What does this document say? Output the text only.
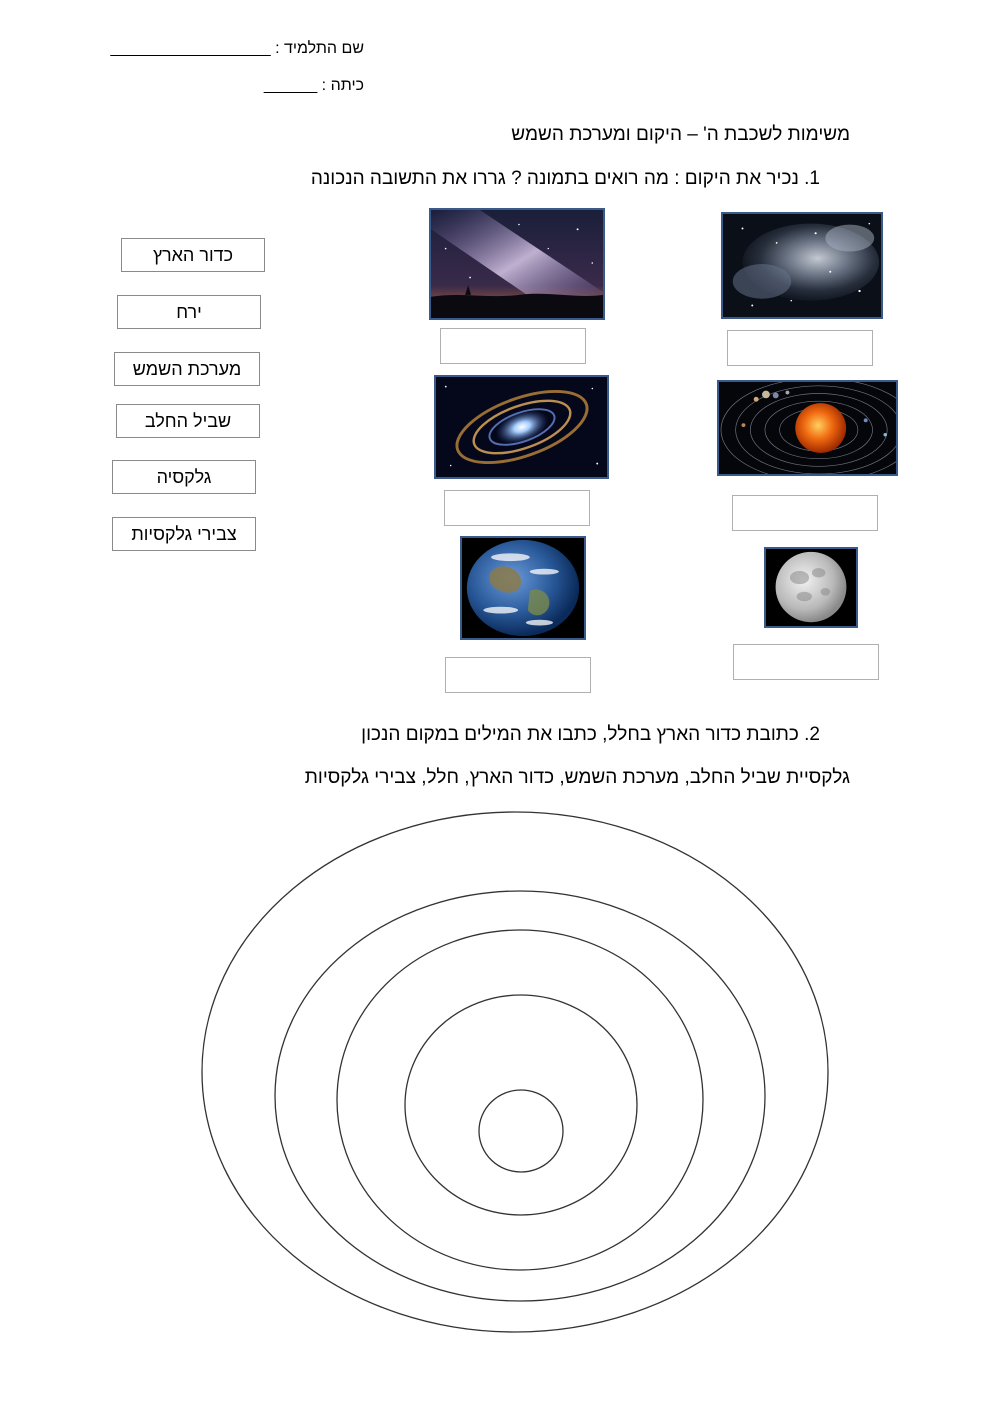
שם התלמיד : __________________
כיתה : ______
משימות לשכבת ה' – היקום ומערכת השמש
1. נכיר את היקום : מה רואים בתמונה ? גררו את התשובה הנכונה
כדור הארץ
ירח
מערכת השמש
שביל החלב
גלקסיה
צבירי גלקסיות
2. כתובת כדור הארץ בחלל, כתבו את המילים במקום הנכון
גלקסיית שביל החלב, מערכת השמש, כדור הארץ, חלל, צבירי גלקסיות
